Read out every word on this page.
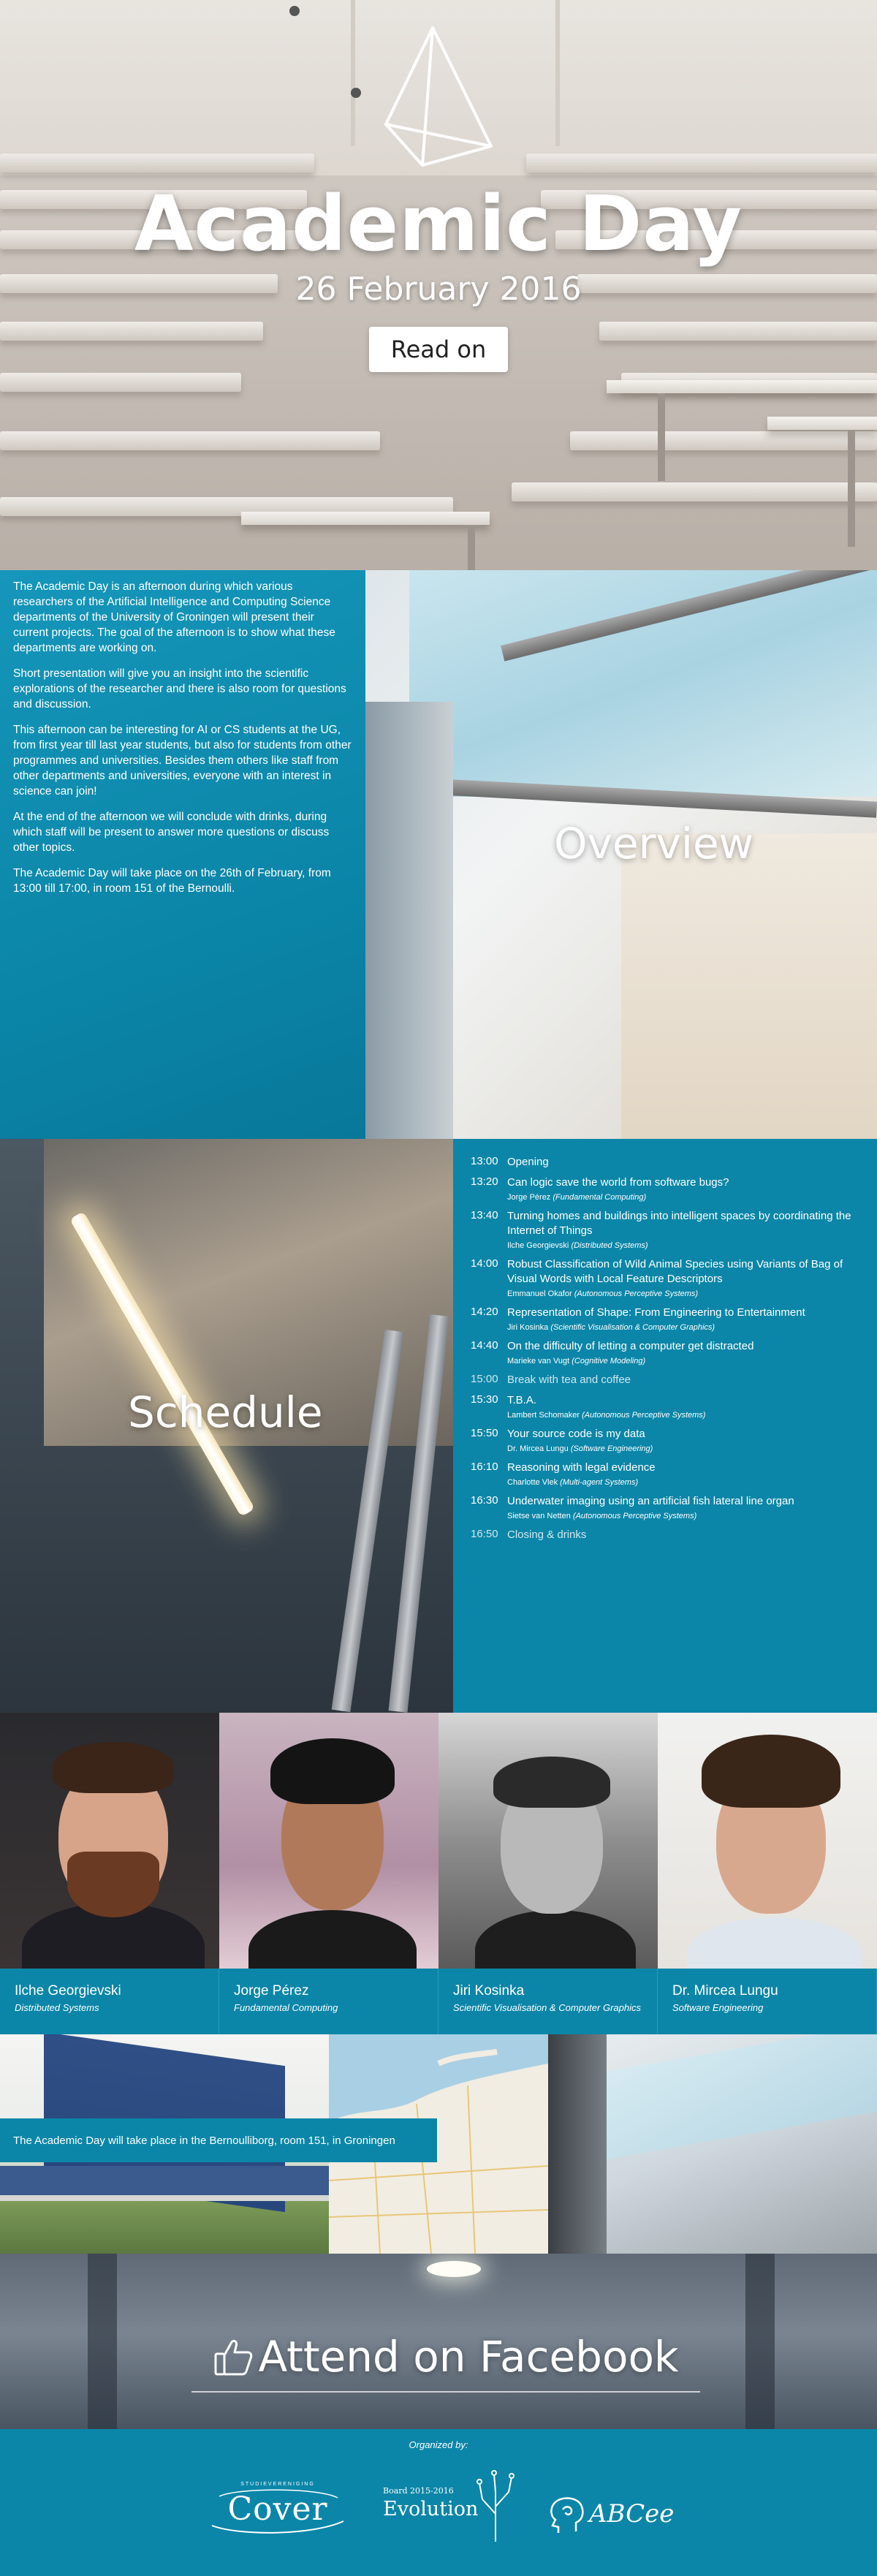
Academic Day
26 February 2016
Read on

The Academic Day is an afternoon during which various researchers of the Artificial Intelligence and Computing Science departments of the University of Groningen will present their current projects. The goal of the afternoon is to show what these departments are working on.

Short presentation will give you an insight into the scientific explorations of the researcher and there is also room for questions and discussion.

This afternoon can be interesting for AI or CS students at the UG, from first year till last year students, but also for students from other programmes and universities. Besides them others like staff from other departments and universities, everyone with an interest in science can join!

At the end of the afternoon we will conclude with drinks, during which staff will be present to answer more questions or discuss other topics.

The Academic Day will take place on the 26th of February, from 13:00 till 17:00, in room 151 of the Bernoulli.

Overview
Schedule
13:00 Opening
13:20 Can logic save the world from software bugs?
Jorge Pérez (Fundamental Computing)
13:40 Turning homes and buildings into intelligent spaces by coordinating the Internet of Things
Ilche Georgievski (Distributed Systems)
14:00 Robust Classification of Wild Animal Species using Variants of Bag of Visual Words with Local Feature Descriptors
Emmanuel Okafor (Autonomous Perceptive Systems)
14:20 Representation of Shape: From Engineering to Entertainment
Jiri Kosinka (Scientific Visualisation & Computer Graphics)
14:40 On the difficulty of letting a computer get distracted
Marieke van Vugt (Cognitive Modeling)
15:00 Break with tea and coffee
15:30 T.B.A.
Lambert Schomaker (Autonomous Perceptive Systems)
15:50 Your source code is my data
Dr. Mircea Lungu (Software Engineering)
16:10 Reasoning with legal evidence
Charlotte Vlek (Multi-agent Systems)
16:30 Underwater imaging using an artificial fish lateral line organ
Sietse van Netten (Autonomous Perceptive Systems)
16:50 Closing & drinks
Ilche Georgievski
Distributed Systems
Jorge Pérez
Fundamental Computing
Jiri Kosinka
Scientific Visualisation & Computer Graphics
Dr. Mircea Lungu
Software Engineering
The Academic Day will take place in the Bernoulliborg, room 151, in Groningen
Attend on Facebook
Organized by:
STUDIEVERENIGING
Cover	Board 2015-2016
Evolution	ABCee
